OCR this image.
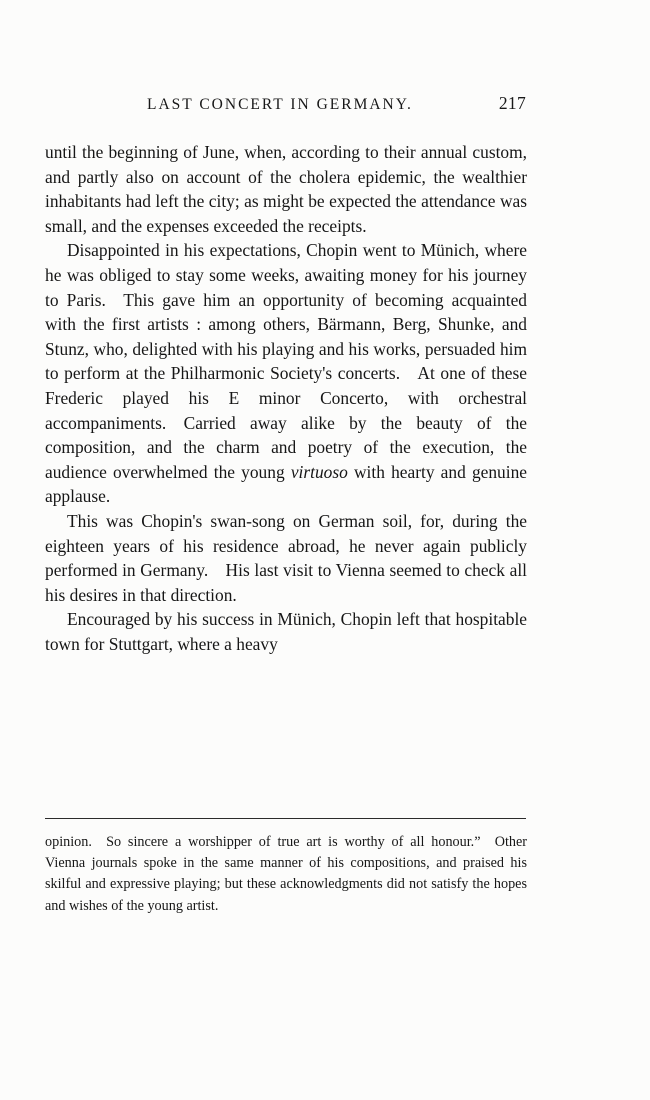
LAST CONCERT IN GERMANY.	217

until the beginning of June, when, according to their annual custom, and partly also on account of the cholera epidemic, the wealthier inhabitants had left the city; as might be expected the attendance was small, and the expenses exceeded the receipts.

Disappointed in his expectations, Chopin went to Münich, where he was obliged to stay some weeks, awaiting money for his journey to Paris. This gave him an opportunity of becoming acquainted with the first artists : among others, Bärmann, Berg, Shunke, and Stunz, who, delighted with his playing and his works, persuaded him to perform at the Philharmonic Society's concerts. At one of these Frederic played his E minor Concerto, with orchestral accompaniments. Carried away alike by the beauty of the composition, and the charm and poetry of the execution, the audience overwhelmed the young virtuoso with hearty and genuine applause.

This was Chopin's swan-song on German soil, for, during the eighteen years of his residence abroad, he never again publicly performed in Germany. His last visit to Vienna seemed to check all his desires in that direction.

Encouraged by his success in Münich, Chopin left that hospitable town for Stuttgart, where a heavy

opinion. So sincere a worshipper of true art is worthy of all honour.” Other Vienna journals spoke in the same manner of his compositions, and praised his skilful and expressive playing; but these acknowledgments did not satisfy the hopes and wishes of the young artist.
